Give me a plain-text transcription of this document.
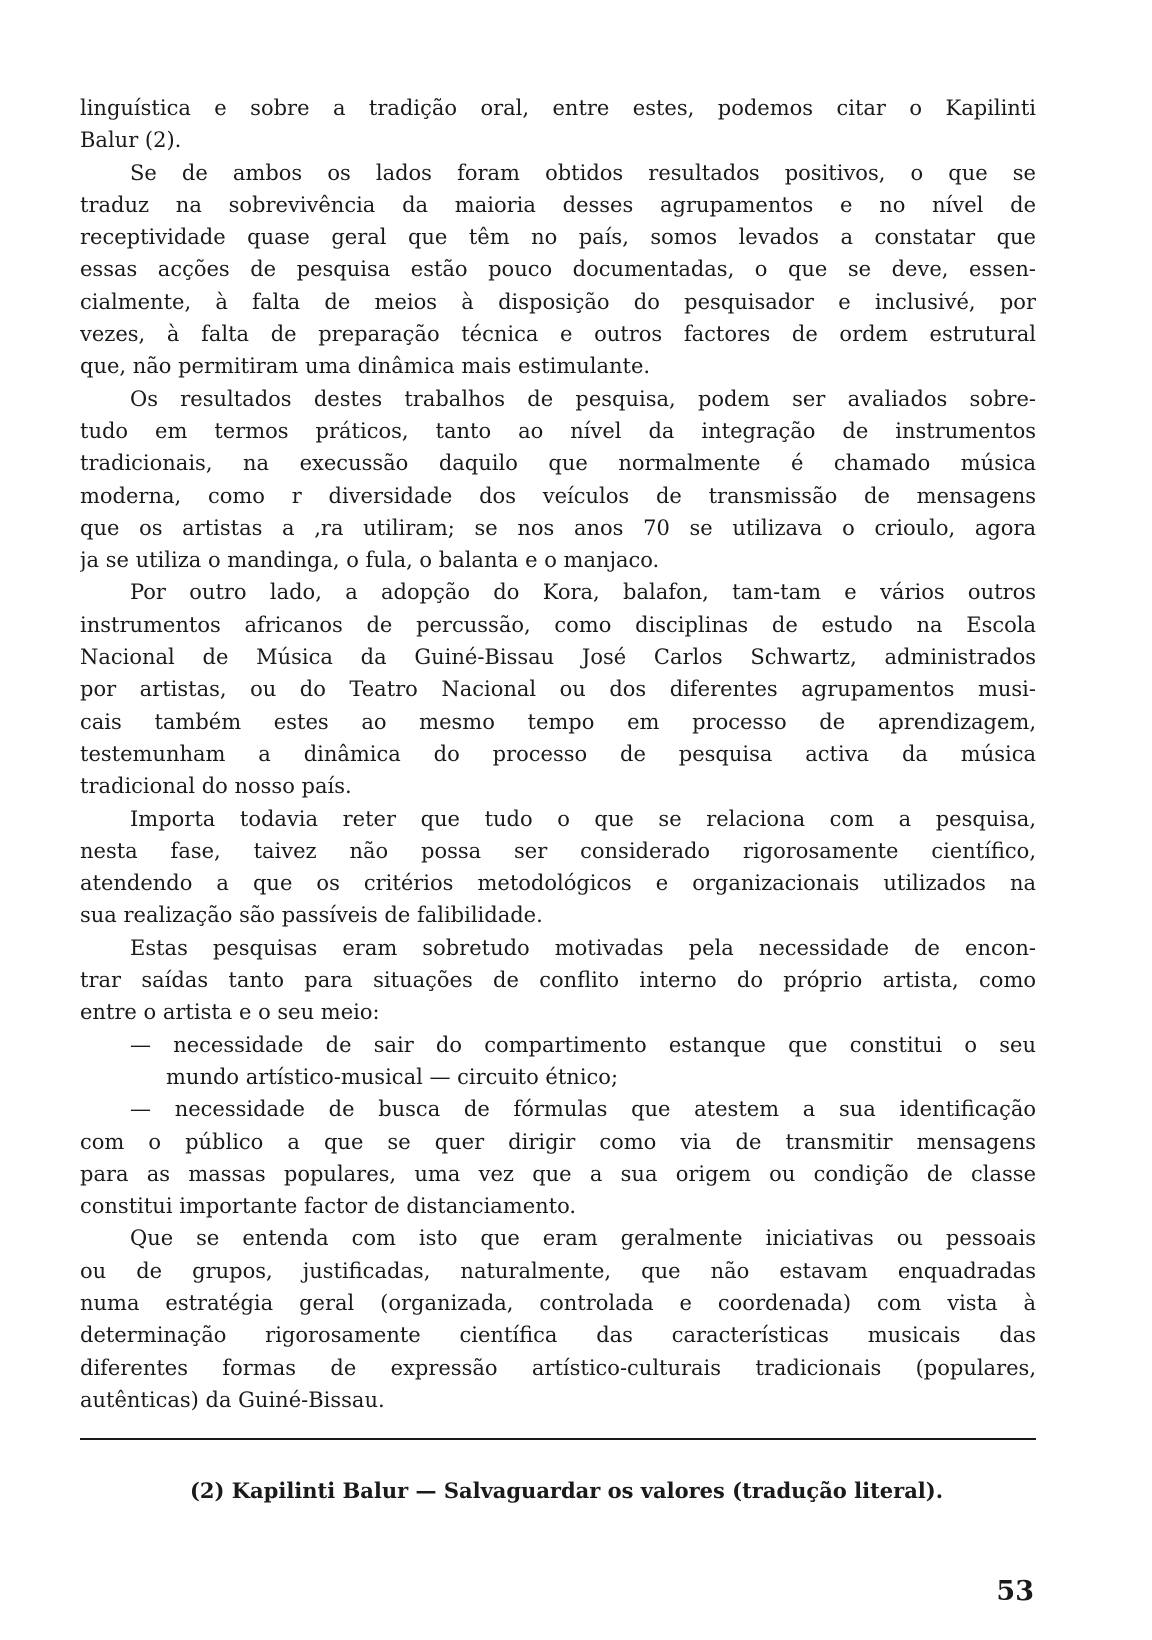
linguística e sobre a tradição oral, entre estes, podemos citar o Kapilinti
Balur (2).
Se de ambos os lados foram obtidos resultados positivos, o que se
traduz na sobrevivência da maioria desses agrupamentos e no nível de
receptividade quase geral que têm no país, somos levados a constatar que
essas acções de pesquisa estão pouco documentadas, o que se deve, essen-
cialmente, à falta de meios à disposição do pesquisador e inclusivé, por
vezes, à falta de preparação técnica e outros factores de ordem estrutural
que, não permitiram uma dinâmica mais estimulante.
Os resultados destes trabalhos de pesquisa, podem ser avaliados sobre-
tudo em termos práticos, tanto ao nível da integração de instrumentos
tradicionais, na execussão daquilo que normalmente é chamado música
moderna, como r diversidade dos veículos de transmissão de mensagens
que os artistas a ,ra utiliram; se nos anos 70 se utilizava o crioulo, agora
ja se utiliza o mandinga, o fula, o balanta e o manjaco.
Por outro lado, a adopção do Kora, balafon, tam-tam e vários outros
instrumentos africanos de percussão, como disciplinas de estudo na Escola
Nacional de Música da Guiné-Bissau José Carlos Schwartz, administrados
por artistas, ou do Teatro Nacional ou dos diferentes agrupamentos musi-
cais também estes ao mesmo tempo em processo de aprendizagem,
testemunham a dinâmica do processo de pesquisa activa da música
tradicional do nosso país.
Importa todavia reter que tudo o que se relaciona com a pesquisa,
nesta fase, taivez não possa ser considerado rigorosamente científico,
atendendo a que os critérios metodológicos e organizacionais utilizados na
sua realização são passíveis de falibilidade.
Estas pesquisas eram sobretudo motivadas pela necessidade de encon-
trar saídas tanto para situações de conflito interno do próprio artista, como
entre o artista e o seu meio:
— necessidade de sair do compartimento estanque que constitui o seu
mundo artístico-musical — circuito étnico;
— necessidade de busca de fórmulas que atestem a sua identificação
com o público a que se quer dirigir como via de transmitir mensagens
para as massas populares, uma vez que a sua origem ou condição de classe
constitui importante factor de distanciamento.
Que se entenda com isto que eram geralmente iniciativas ou pessoais
ou de grupos, justificadas, naturalmente, que não estavam enquadradas
numa estratégia geral (organizada, controlada e coordenada) com vista à
determinação rigorosamente científica das características musicais das
diferentes formas de expressão artístico-culturais tradicionais (populares,
autênticas) da Guiné-Bissau.
(2) Kapilinti Balur — Salvaguardar os valores (tradução literal).
53
